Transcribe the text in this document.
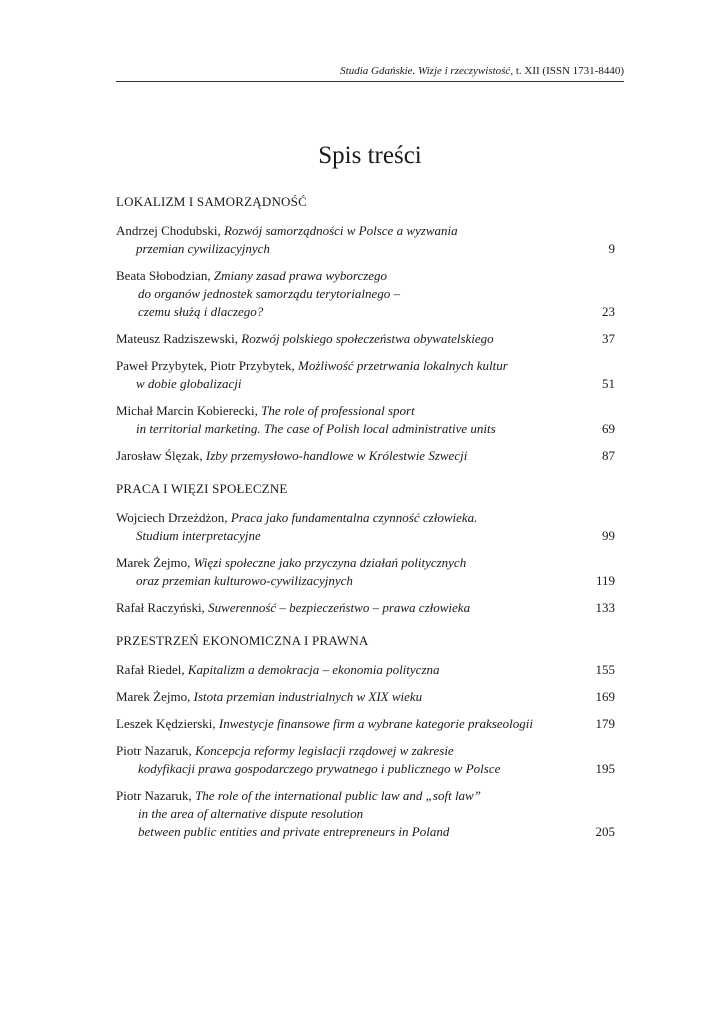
Studia Gdańskie. Wizje i rzeczywistość, t. XII (ISSN 1731-8440)
Spis treści
LOKALIZM I SAMORZĄDNOŚĆ
Andrzej Chodubski, Rozwój samorządności w Polsce a wyzwania
przemian cywilizacyjnych	9
Beata Słobodzian, Zmiany zasad prawa wyborczego
do organów jednostek samorządu terytorialnego –
czemu służą i dlaczego?	23
Mateusz Radziszewski, Rozwój polskiego społeczeństwa obywatelskiego	37
Paweł Przybytek, Piotr Przybytek, Możliwość przetrwania lokalnych kultur
w dobie globalizacji	51
Michał Marcin Kobierecki, The role of professional sport
in territorial marketing. The case of Polish local administrative units	69
Jarosław Ślęzak, Izby przemysłowo-handlowe w Królestwie Szwecji	87
PRACA I WIĘZI SPOŁECZNE
Wojciech Drzeżdżon, Praca jako fundamentalna czynność człowieka.
Studium interpretacyjne	99
Marek Żejmo, Więzi społeczne jako przyczyna działań politycznych
oraz przemian kulturowo-cywilizacyjnych	119
Rafał Raczyński, Suwerenność – bezpieczeństwo – prawa człowieka	133
PRZESTRZEŃ EKONOMICZNA I PRAWNA
Rafał Riedel, Kapitalizm a demokracja – ekonomia polityczna	155
Marek Żejmo, Istota przemian industrialnych w XIX wieku	169
Leszek Kędzierski, Inwestycje finansowe firm a wybrane kategorie prakseologii	179
Piotr Nazaruk, Koncepcja reformy legislacji rządowej w zakresie
kodyfikacji prawa gospodarczego prywatnego i publicznego w Polsce	195
Piotr Nazaruk, The role of the international public law and „soft law”
in the area of alternative dispute resolution
between public entities and private entrepreneurs in Poland	205
